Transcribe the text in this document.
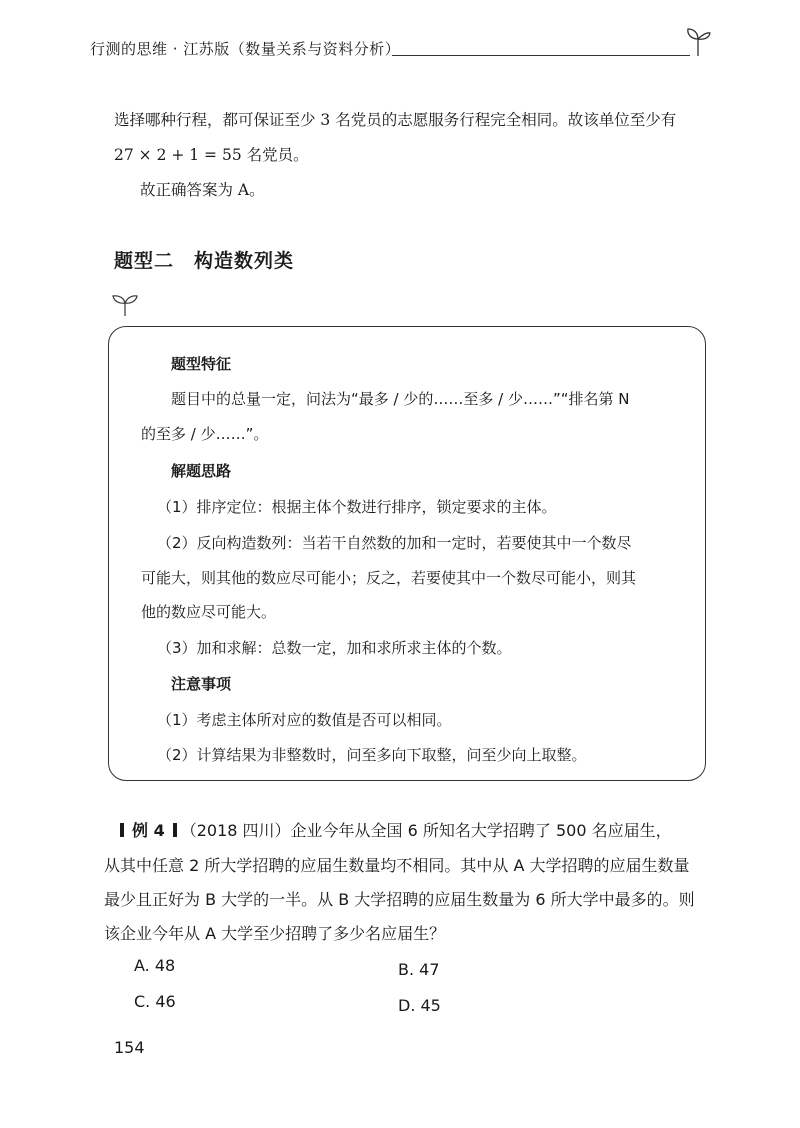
行测的思维 · 江苏版（数量关系与资料分析）
选择哪种行程，都可保证至少 3 名党员的志愿服务行程完全相同。故该单位至少有
27 × 2 + 1 = 55 名党员。
故正确答案为 A。
题型二　构造数列类
题型特征
题目中的总量一定，问法为“最多 / 少的……至多 / 少……”“排名第 N
的至多 / 少……”。
解题思路
（1）排序定位：根据主体个数进行排序，锁定要求的主体。
（2）反向构造数列：当若干自然数的加和一定时，若要使其中一个数尽
可能大，则其他的数应尽可能小；反之，若要使其中一个数尽可能小，则其
他的数应尽可能大。
（3）加和求解：总数一定，加和求所求主体的个数。
注意事项
（1）考虑主体所对应的数值是否可以相同。
（2）计算结果为非整数时，问至多向下取整，问至少向上取整。
例 4 （2018 四川）企业今年从全国 6 所知名大学招聘了 500 名应届生，
从其中任意 2 所大学招聘的应届生数量均不相同。其中从 A 大学招聘的应届生数量
最少且正好为 B 大学的一半。从 B 大学招聘的应届生数量为 6 所大学中最多的。则
该企业今年从 A 大学至少招聘了多少名应届生？
A. 48	B. 47
C. 46	D. 45
154
